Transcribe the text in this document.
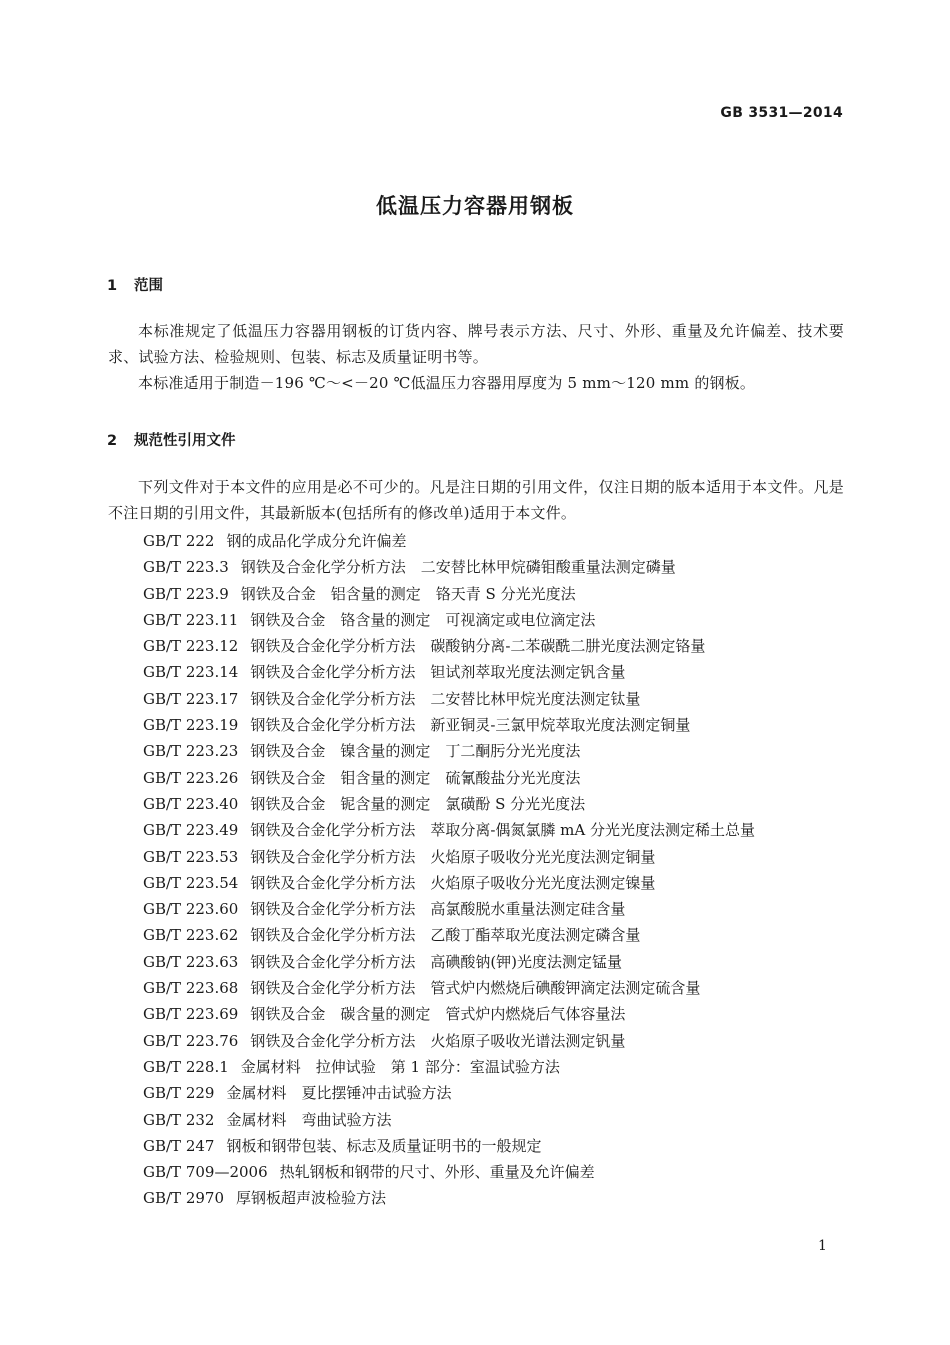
GB 3531—2014
低温压力容器用钢板
1 范围
本标准规定了低温压力容器用钢板的订货内容、牌号表示方法、尺寸、外形、重量及允许偏差、技术要求、试验方法、检验规则、包装、标志及质量证明书等。
本标准适用于制造－196 ℃～<－20 ℃低温压力容器用厚度为 5 mm～120 mm 的钢板。
2 规范性引用文件
下列文件对于本文件的应用是必不可少的。凡是注日期的引用文件，仅注日期的版本适用于本文件。凡是不注日期的引用文件，其最新版本(包括所有的修改单)适用于本文件。
GB/T 222 钢的成品化学成分允许偏差
GB/T 223.3 钢铁及合金化学分析方法　二安替比林甲烷磷钼酸重量法测定磷量
GB/T 223.9 钢铁及合金　铝含量的测定　铬天青 S 分光光度法
GB/T 223.11 钢铁及合金　铬含量的测定　可视滴定或电位滴定法
GB/T 223.12 钢铁及合金化学分析方法　碳酸钠分离-二苯碳酰二肼光度法测定铬量
GB/T 223.14 钢铁及合金化学分析方法　钽试剂萃取光度法测定钒含量
GB/T 223.17 钢铁及合金化学分析方法　二安替比林甲烷光度法测定钛量
GB/T 223.19 钢铁及合金化学分析方法　新亚铜灵-三氯甲烷萃取光度法测定铜量
GB/T 223.23 钢铁及合金　镍含量的测定　丁二酮肟分光光度法
GB/T 223.26 钢铁及合金　钼含量的测定　硫氰酸盐分光光度法
GB/T 223.40 钢铁及合金　铌含量的测定　氯磺酚 S 分光光度法
GB/T 223.49 钢铁及合金化学分析方法　萃取分离-偶氮氯膦 mA 分光光度法测定稀土总量
GB/T 223.53 钢铁及合金化学分析方法　火焰原子吸收分光光度法测定铜量
GB/T 223.54 钢铁及合金化学分析方法　火焰原子吸收分光光度法测定镍量
GB/T 223.60 钢铁及合金化学分析方法　高氯酸脱水重量法测定硅含量
GB/T 223.62 钢铁及合金化学分析方法　乙酸丁酯萃取光度法测定磷含量
GB/T 223.63 钢铁及合金化学分析方法　高碘酸钠(钾)光度法测定锰量
GB/T 223.68 钢铁及合金化学分析方法　管式炉内燃烧后碘酸钾滴定法测定硫含量
GB/T 223.69 钢铁及合金　碳含量的测定　管式炉内燃烧后气体容量法
GB/T 223.76 钢铁及合金化学分析方法　火焰原子吸收光谱法测定钒量
GB/T 228.1 金属材料　拉伸试验　第 1 部分：室温试验方法
GB/T 229 金属材料　夏比摆锤冲击试验方法
GB/T 232 金属材料　弯曲试验方法
GB/T 247 钢板和钢带包装、标志及质量证明书的一般规定
GB/T 709—2006 热轧钢板和钢带的尺寸、外形、重量及允许偏差
GB/T 2970 厚钢板超声波检验方法
1
